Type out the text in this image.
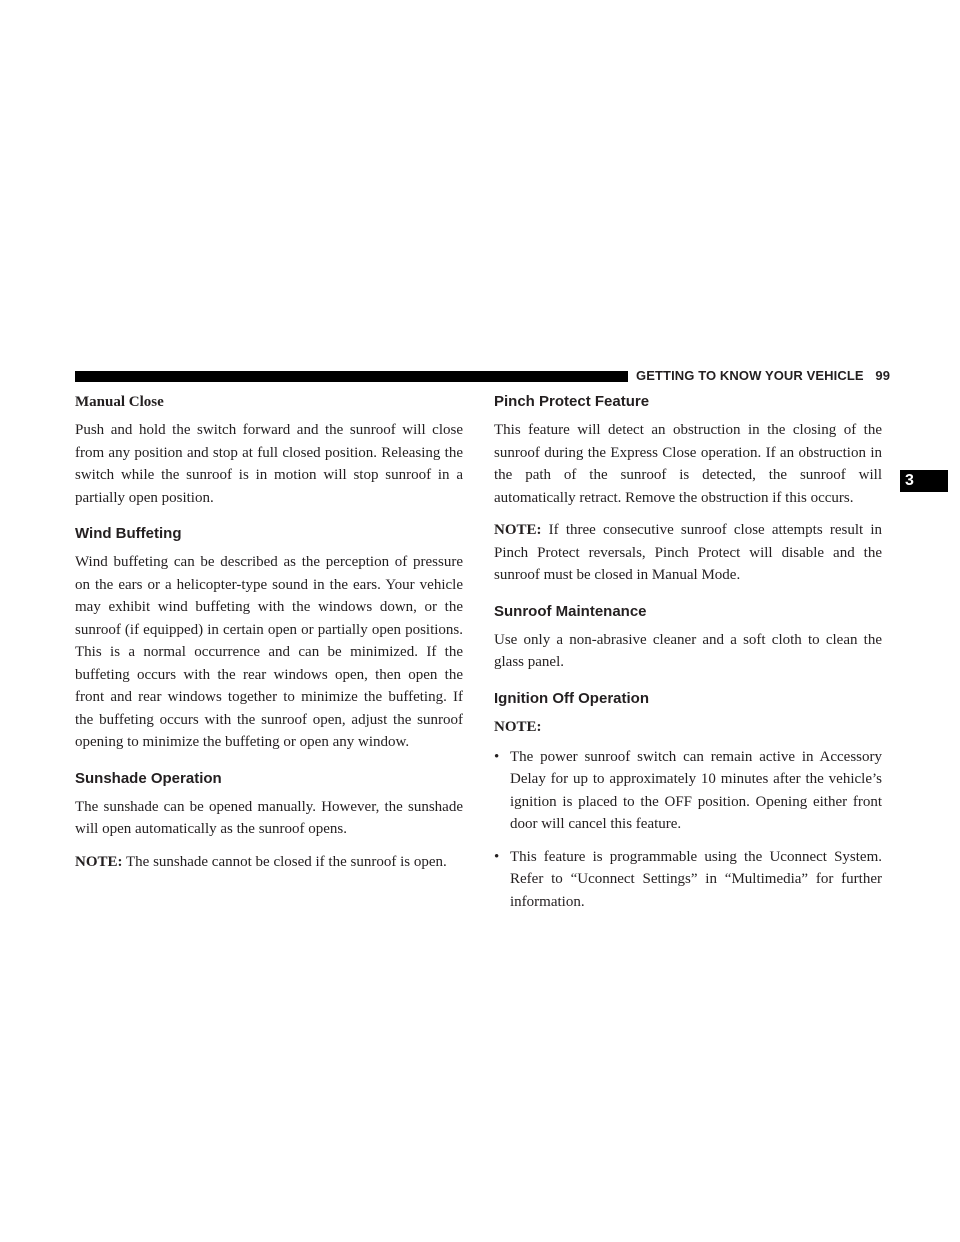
GETTING TO KNOW YOUR VEHICLE 99
3
Manual Close

Push and hold the switch forward and the sunroof will close from any position and stop at full closed position. Releasing the switch while the sunroof is in motion will stop sunroof in a partially open position.

Wind Buffeting

Wind buffeting can be described as the perception of pressure on the ears or a helicopter-type sound in the ears. Your vehicle may exhibit wind buffeting with the windows down, or the sunroof (if equipped) in certain open or partially open positions. This is a normal occurrence and can be minimized. If the buffeting occurs with the rear windows open, then open the front and rear windows together to minimize the buffeting. If the buffeting occurs with the sunroof open, adjust the sunroof opening to minimize the buffeting or open any window.

Sunshade Operation

The sunshade can be opened manually. However, the sunshade will open automatically as the sunroof opens.

NOTE: The sunshade cannot be closed if the sunroof is open.

Pinch Protect Feature

This feature will detect an obstruction in the closing of the sunroof during the Express Close operation. If an obstruction in the path of the sunroof is detected, the sunroof will automatically retract. Remove the obstruction if this occurs.

NOTE: If three consecutive sunroof close attempts result in Pinch Protect reversals, Pinch Protect will disable and the sunroof must be closed in Manual Mode.

Sunroof Maintenance

Use only a non-abrasive cleaner and a soft cloth to clean the glass panel.

Ignition Off Operation
NOTE:
• The power sunroof switch can remain active in Accessory Delay for up to approximately 10 minutes after the vehicle’s ignition is placed to the OFF position. Opening either front door will cancel this feature.
• This feature is programmable using the Uconnect System. Refer to “Uconnect Settings” in “Multimedia” for further information.
